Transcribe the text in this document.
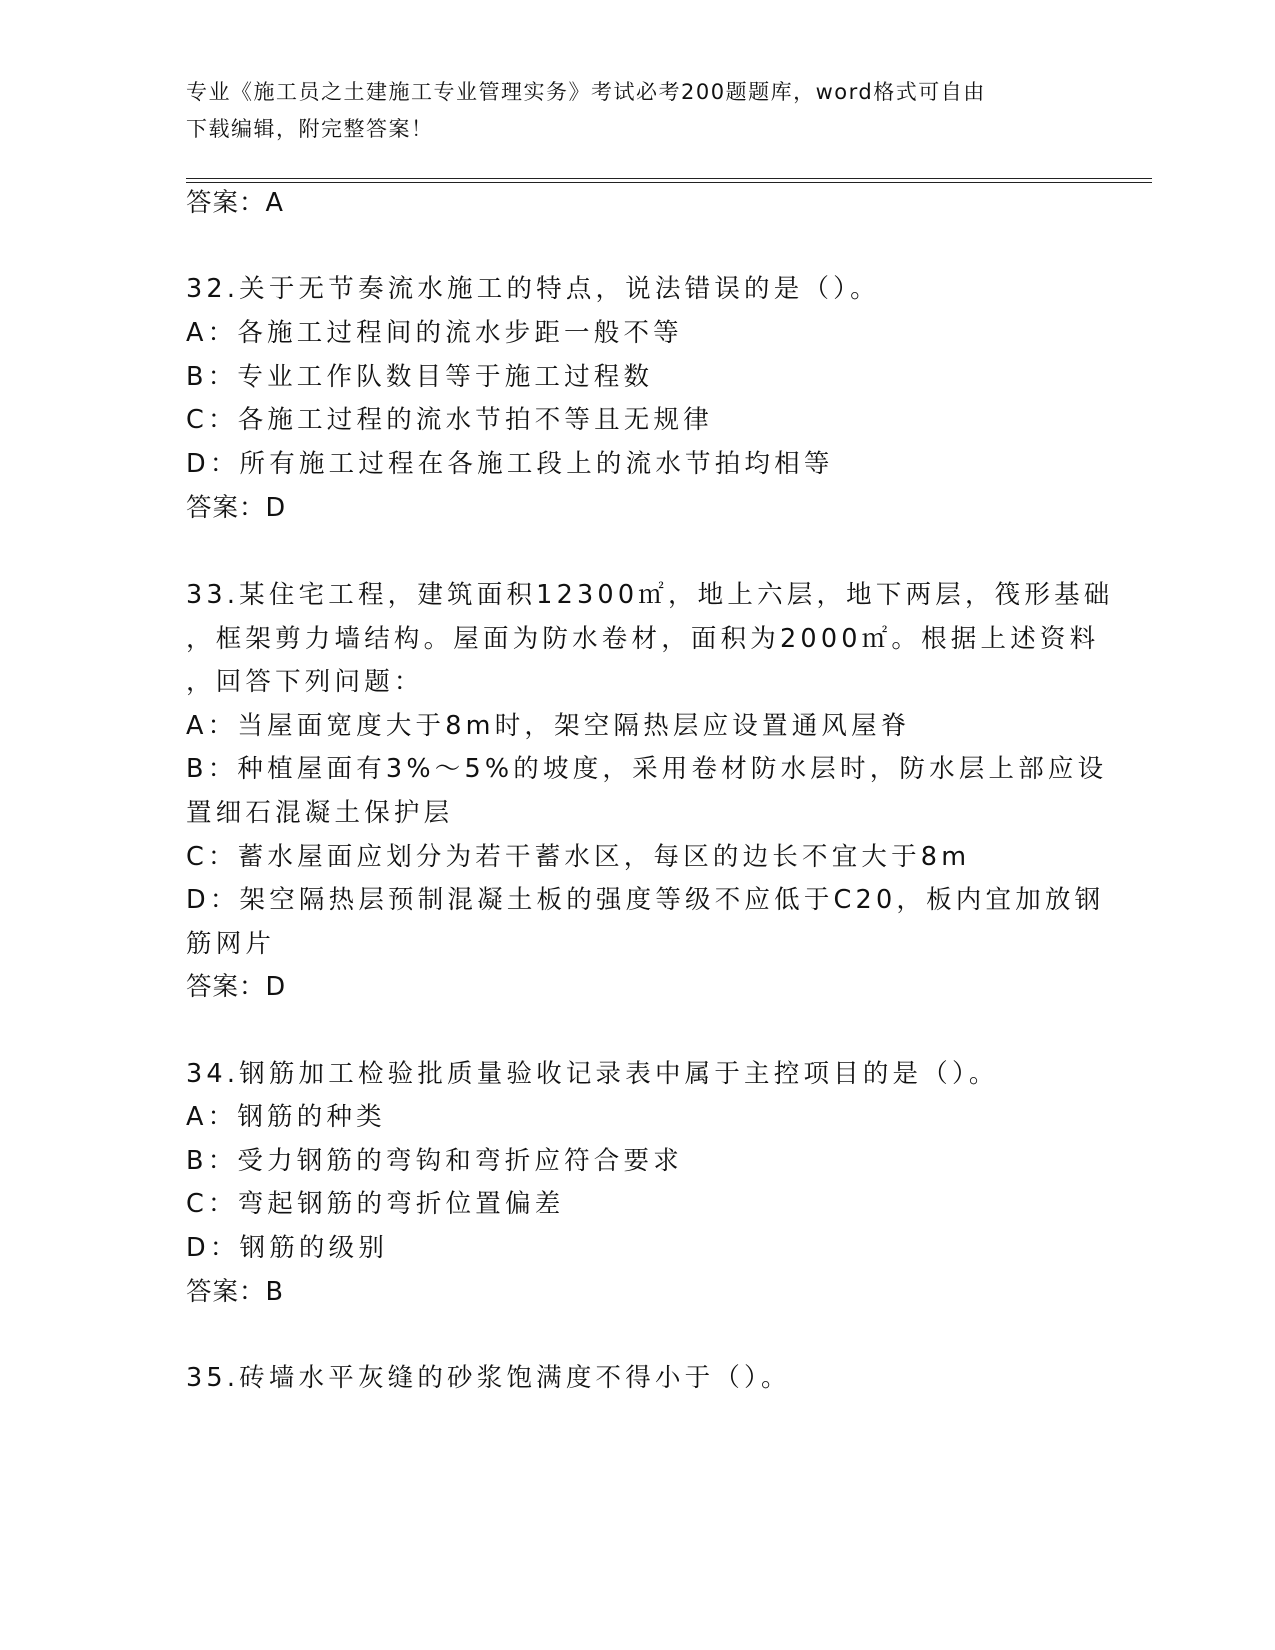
专业《施工员之土建施工专业管理实务》考试必考200题题库，word格式可自由
下载编辑，附完整答案！
答案：A
32.关于无节奏流水施工的特点，说法错误的是（）。
A：各施工过程间的流水步距一般不等
B：专业工作队数目等于施工过程数
C：各施工过程的流水节拍不等且无规律
D：所有施工过程在各施工段上的流水节拍均相等
答案：D
33.某住宅工程，建筑面积12300㎡，地上六层，地下两层，筏形基础
，框架剪力墙结构。屋面为防水卷材，面积为2000㎡。根据上述资料
，回答下列问题：
A：当屋面宽度大于8m时，架空隔热层应设置通风屋脊
B：种植屋面有3%～5%的坡度，采用卷材防水层时，防水层上部应设
置细石混凝土保护层
C：蓄水屋面应划分为若干蓄水区，每区的边长不宜大于8m
D：架空隔热层预制混凝土板的强度等级不应低于C20，板内宜加放钢
筋网片
答案：D
34.钢筋加工检验批质量验收记录表中属于主控项目的是（）。
A：钢筋的种类
B：受力钢筋的弯钩和弯折应符合要求
C：弯起钢筋的弯折位置偏差
D：钢筋的级别
答案：B
35.砖墙水平灰缝的砂浆饱满度不得小于（）。
